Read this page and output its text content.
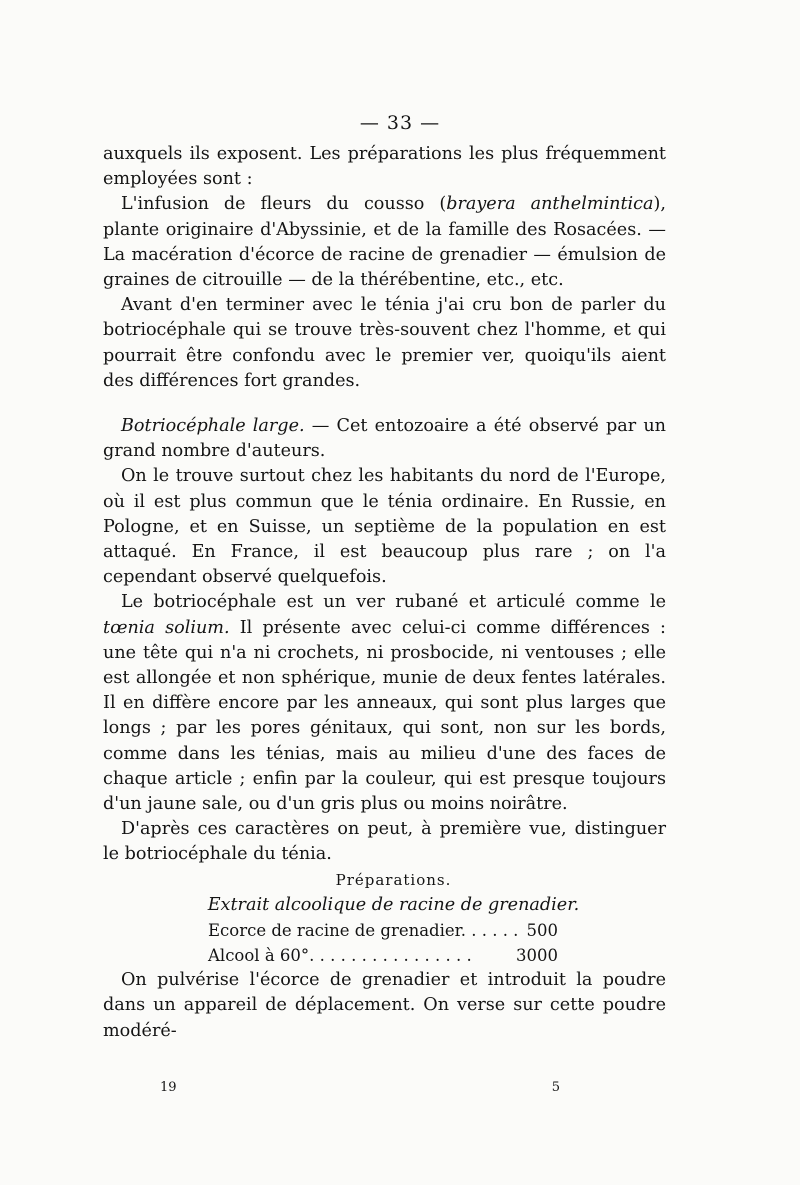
— 33 —

auxquels ils exposent. Les préparations les plus fréquemment employées sont :

L'infusion de fleurs du cousso (brayera anthelmintica), plante originaire d'Abyssinie, et de la famille des Rosacées. — La macération d'écorce de racine de grenadier — émulsion de graines de citrouille — de la thérébentine, etc., etc.

Avant d'en terminer avec le ténia j'ai cru bon de parler du botriocéphale qui se trouve très-souvent chez l'homme, et qui pourrait être confondu avec le premier ver, quoiqu'ils aient des différences fort grandes.

Botriocéphale large. — Cet entozoaire a été observé par un grand nombre d'auteurs.

On le trouve surtout chez les habitants du nord de l'Europe, où il est plus commun que le ténia ordinaire. En Russie, en Pologne, et en Suisse, un septième de la population en est attaqué. En France, il est beaucoup plus rare ; on l'a cependant observé quelquefois.

Le botriocéphale est un ver rubané et articulé comme le tœnia solium. Il présente avec celui-ci comme différences : une tête qui n'a ni crochets, ni prosbocide, ni ventouses ; elle est allongée et non sphérique, munie de deux fentes latérales. Il en diffère encore par les anneaux, qui sont plus larges que longs ; par les pores génitaux, qui sont, non sur les bords, comme dans les ténias, mais au milieu d'une des faces de chaque article ; enfin par la couleur, qui est presque toujours d'un jaune sale, ou d'un gris plus ou moins noirâtre.

D'après ces caractères on peut, à première vue, distinguer le botriocéphale du ténia.

Préparations.

Extrait alcoolique de racine de grenadier.

Ecorce de racine de grenadier. . . . . . 500
Alcool à 60°. . . . . . . . . . . . . . . .	3000

On pulvérise l'écorce de grenadier et introduit la poudre dans un appareil de déplacement. On verse sur cette poudre modéré-

19	5
